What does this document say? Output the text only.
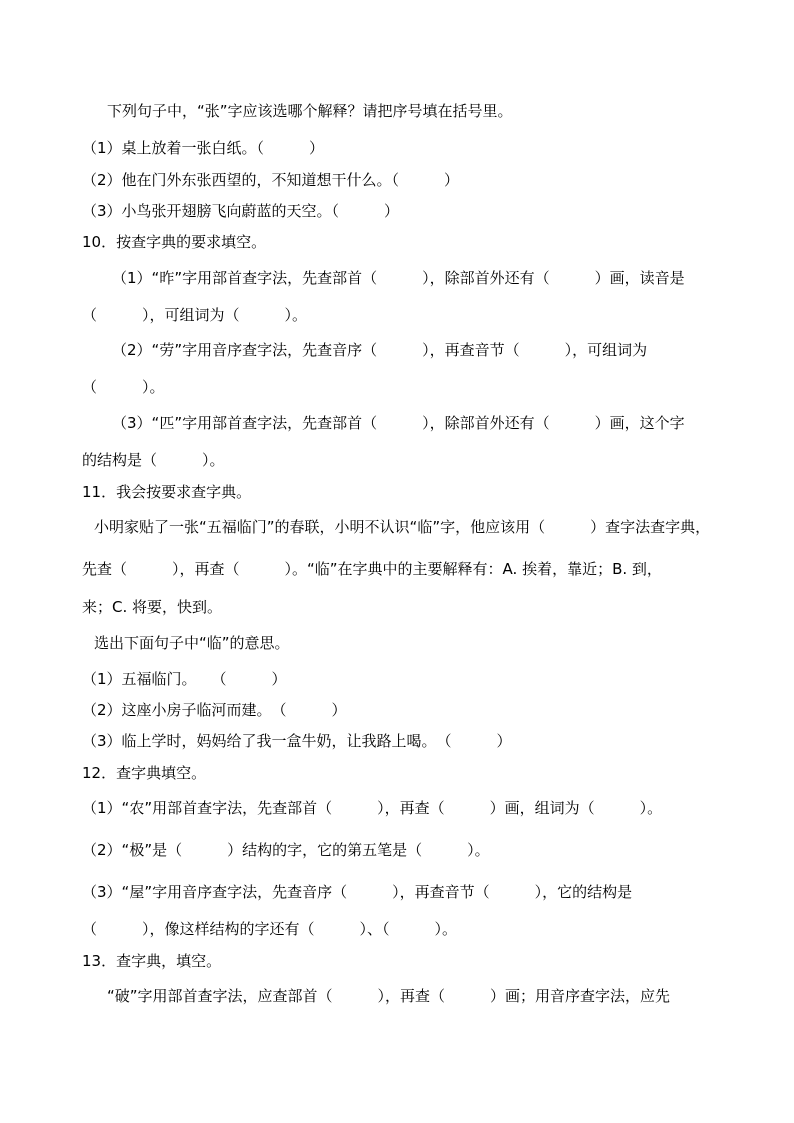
下列句子中，“张”字应该选哪个解释？请把序号填在括号里。

（1）桌上放着一张白纸。（　　　）

（2）他在门外东张西望的，不知道想干什么。（　　　）

（3）小鸟张开翅膀飞向蔚蓝的天空。（　　　）

10．按查字典的要求填空。

（1）“昨”字用部首查字法，先查部首（　　　），除部首外还有（　　　）画，读音是

（　　　），可组词为（　　　）。

（2）“劳”字用音序查字法，先查音序（　　　），再查音节（　　　），可组词为

（　　　）。

（3）“匹”字用部首查字法，先查部首（　　　），除部首外还有（　　　）画，这个字

的结构是（　　　）。

11．我会按要求查字典。

小明家贴了一张“五福临门”的春联，小明不认识“临”字，他应该用（　　　）查字法查字典，

先查（　　　），再查（　　　）。“临”在字典中的主要解释有：A. 挨着，靠近；B. 到，

来；C. 将要，快到。

选出下面句子中“临”的意思。

（1）五福临门。　　（　　　）

（2）这座小房子临河而建。　（　　　）

（3）临上学时，妈妈给了我一盒牛奶，让我路上喝。　（　　　）

12．查字典填空。

（1）“农”用部首查字法，先查部首（　　　），再查（　　　）画，组词为（　　　）。

（2）“极”是（　　　）结构的字，它的第五笔是（　　　）。

（3）“屋”字用音序查字法，先查音序（　　　），再查音节（　　　），它的结构是

（　　　），像这样结构的字还有（　　　）、（　　　）。

13．查字典，填空。

“破”字用部首查字法，应查部首（　　　），再查（　　　）画；用音序查字法，应先
